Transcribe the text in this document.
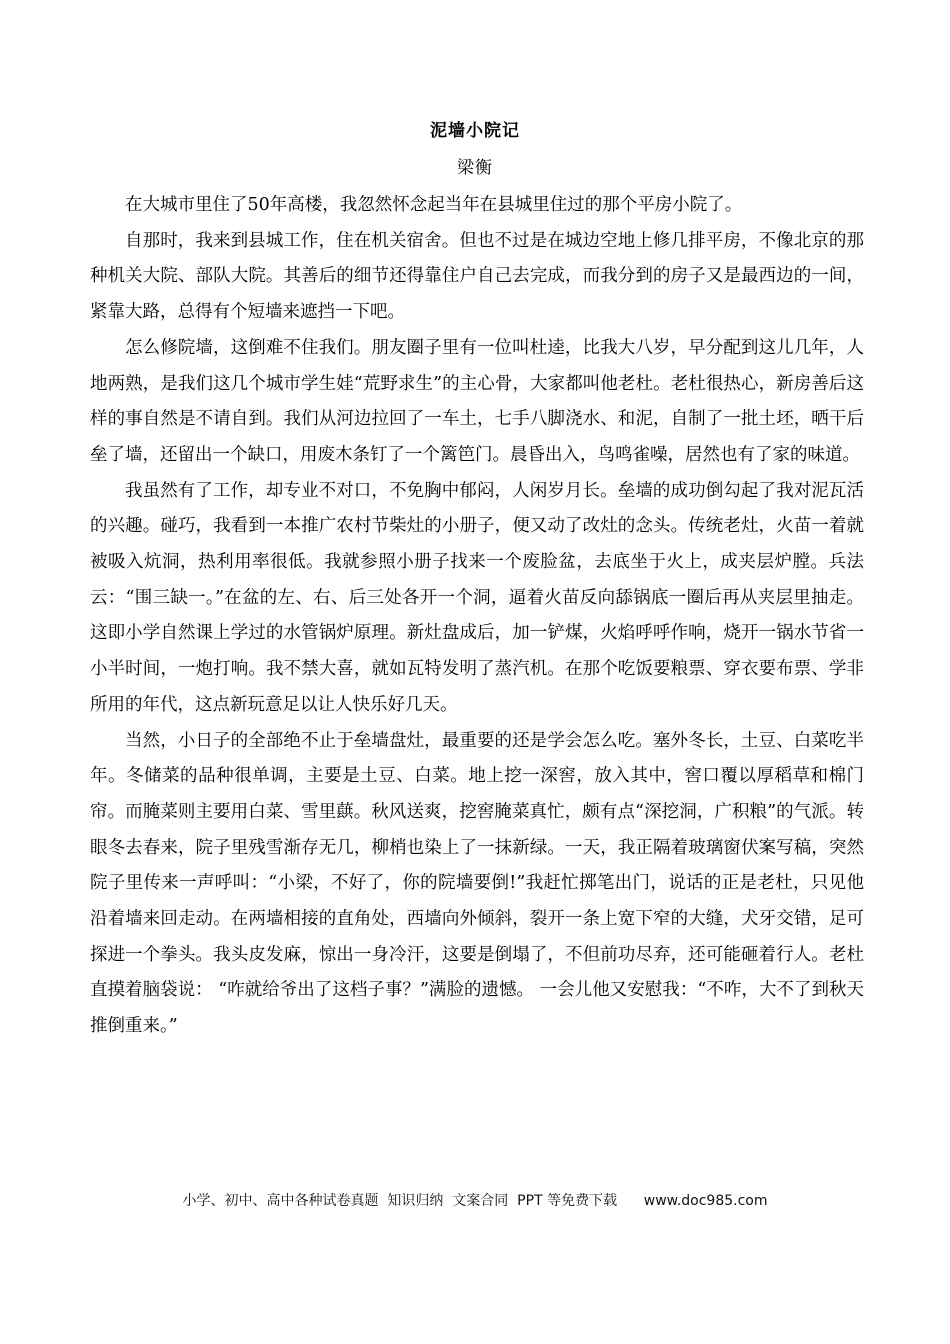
泥墙小院记
梁衡

在大城市里住了50年高楼，我忽然怀念起当年在县城里住过的那个平房小院了。

自那时，我来到县城工作，住在机关宿舍。但也不过是在城边空地上修几排平房，不像北京的那种机关大院、部队大院。其善后的细节还得靠住户自己去完成，而我分到的房子又是最西边的一间，紧靠大路，总得有个短墙来遮挡一下吧。

怎么修院墙，这倒难不住我们。朋友圈子里有一位叫杜逵，比我大八岁，早分配到这儿几年，人地两熟，是我们这几个城市学生娃“荒野求生”的主心骨，大家都叫他老杜。老杜很热心，新房善后这样的事自然是不请自到。我们从河边拉回了一车土，七手八脚浇水、和泥，自制了一批土坯，晒干后垒了墙，还留出一个缺口，用废木条钉了一个篱笆门。晨昏出入，鸟鸣雀噪，居然也有了家的味道。

我虽然有了工作，却专业不对口，不免胸中郁闷，人闲岁月长。垒墙的成功倒勾起了我对泥瓦活的兴趣。碰巧，我看到一本推广农村节柴灶的小册子，便又动了改灶的念头。传统老灶，火苗一着就被吸入炕洞，热利用率很低。我就参照小册子找来一个废脸盆，去底坐于火上，成夹层炉膛。兵法云：“围三缺一。”在盆的左、右、后三处各开一个洞，逼着火苗反向舔锅底一圈后再从夹层里抽走。这即小学自然课上学过的水管锅炉原理。新灶盘成后，加一铲煤，火焰呼呼作响，烧开一锅水节省一小半时间，一炮打响。我不禁大喜，就如瓦特发明了蒸汽机。在那个吃饭要粮票、穿衣要布票、学非所用的年代，这点新玩意足以让人快乐好几天。

当然，小日子的全部绝不止于垒墙盘灶，最重要的还是学会怎么吃。塞外冬长，土豆、白菜吃半年。冬储菜的品种很单调，主要是土豆、白菜。地上挖一深窖，放入其中，窖口覆以厚稻草和棉门帘。而腌菜则主要用白菜、雪里蕻。秋风送爽，挖窖腌菜真忙，颇有点“深挖洞，广积粮”的气派。转眼冬去春来，院子里残雪渐存无几，柳梢也染上了一抹新绿。一天，我正隔着玻璃窗伏案写稿，突然院子里传来一声呼叫：“小梁，不好了，你的院墙要倒!”我赶忙掷笔出门，说话的正是老杜，只见他沿着墙来回走动。在两墙相接的直角处，西墙向外倾斜，裂开一条上宽下窄的大缝，犬牙交错，足可探进一个拳头。我头皮发麻，惊出一身冷汗，这要是倒塌了，不但前功尽弃，还可能砸着行人。老杜直摸着脑袋说： “咋就给爷出了这档子事？”满脸的遗憾。 一会儿他又安慰我：“不咋，大不了到秋天推倒重来。”

小学、初中、高中各种试卷真题  知识归纳  文案合同  PPT 等免费下载      www.doc985.com
